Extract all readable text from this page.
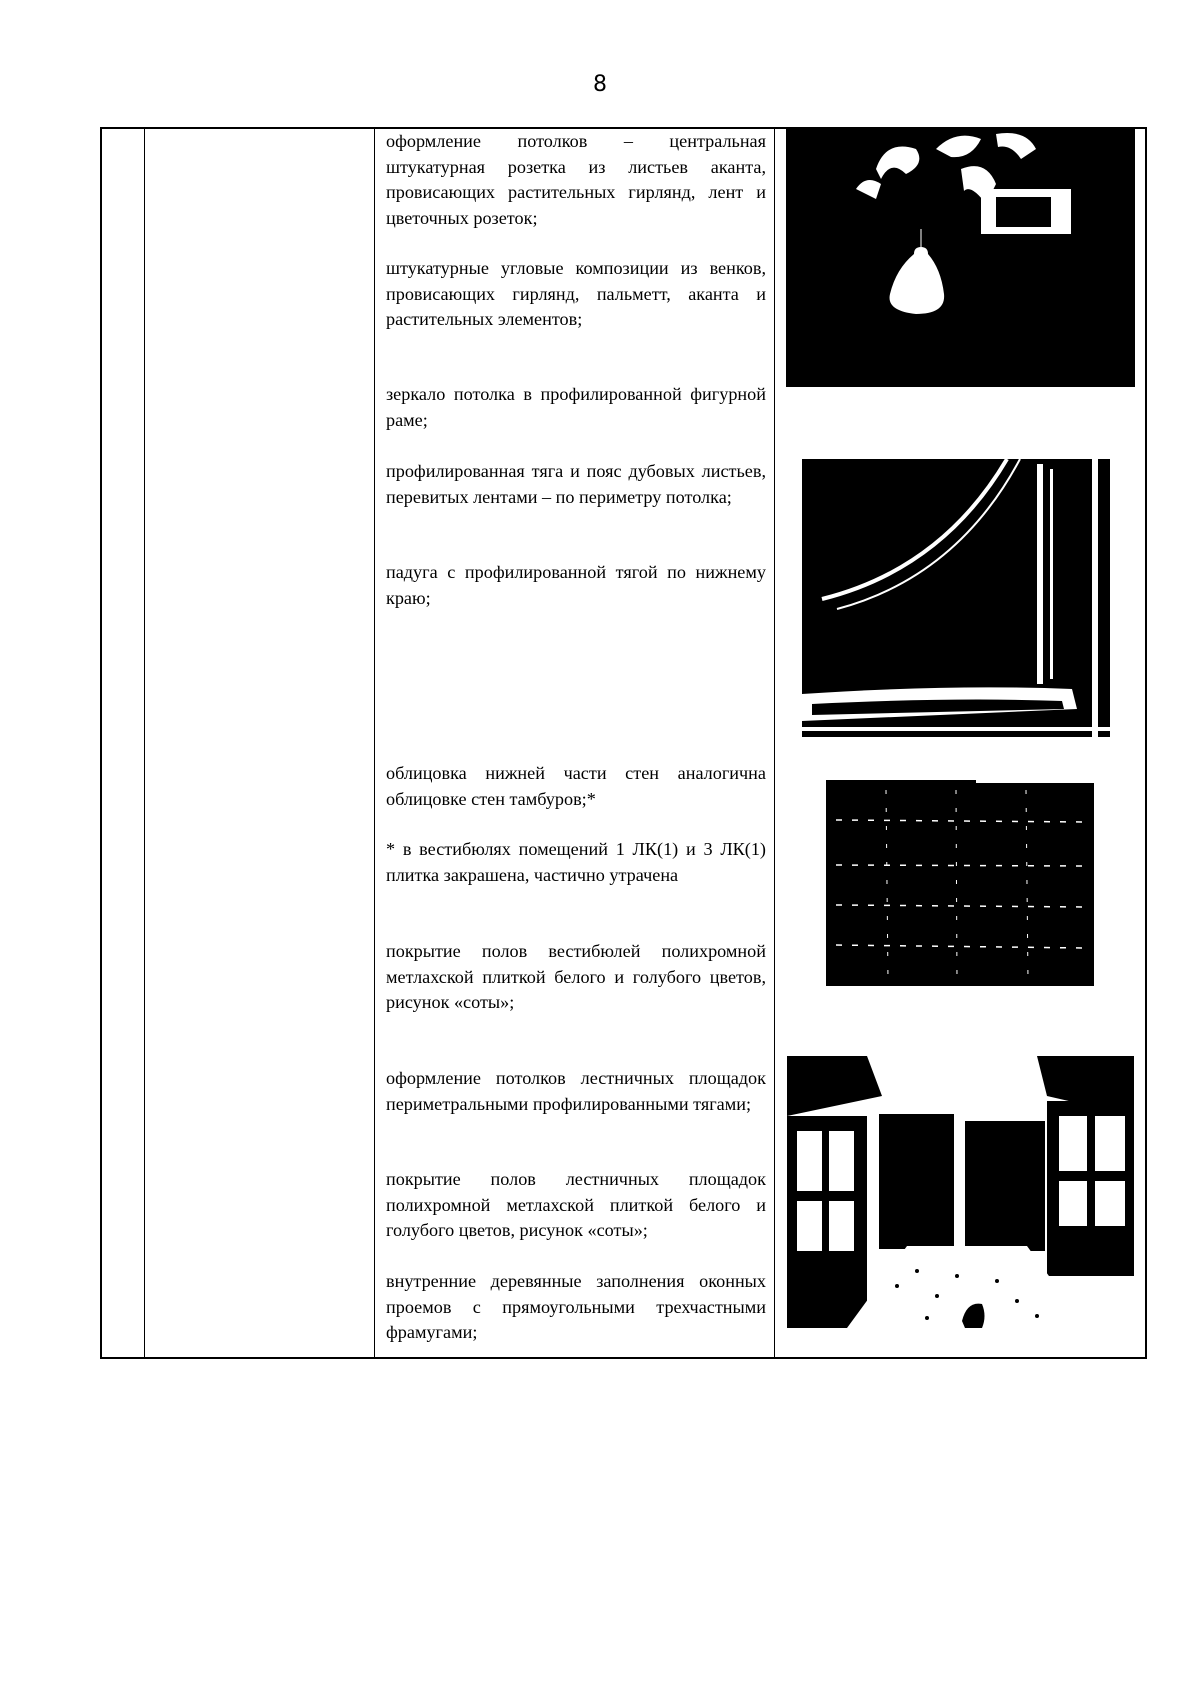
8

оформление потолков – центральная штукатурная розетка из листьев аканта, провисающих растительных гирлянд, лент и цветочных розеток;

штукатурные угловые композиции из венков, провисающих гирлянд, пальметт, аканта и растительных элементов;

зеркало потолка в профилированной фигурной раме;

профилированная тяга и пояс дубовых листьев, перевитых лентами – по периметру потолка;

падуга с профилированной тягой по нижнему краю;

облицовка нижней части стен аналогична облицовке стен тамбуров;*

* в вестибюлях помещений 1 ЛК(1) и 3 ЛК(1) плитка закрашена, частично утрачена

покрытие полов вестибюлей полихромной метлахской плиткой белого и голубого цветов, рисунок «соты»;

оформление потолков лестничных площадок периметральными профилированными тягами;

покрытие полов лестничных площадок полихромной метлахской плиткой белого и голубого цветов, рисунок «соты»;

внутренние деревянные заполнения оконных проемов с прямоугольными трехчастными фрамугами;
